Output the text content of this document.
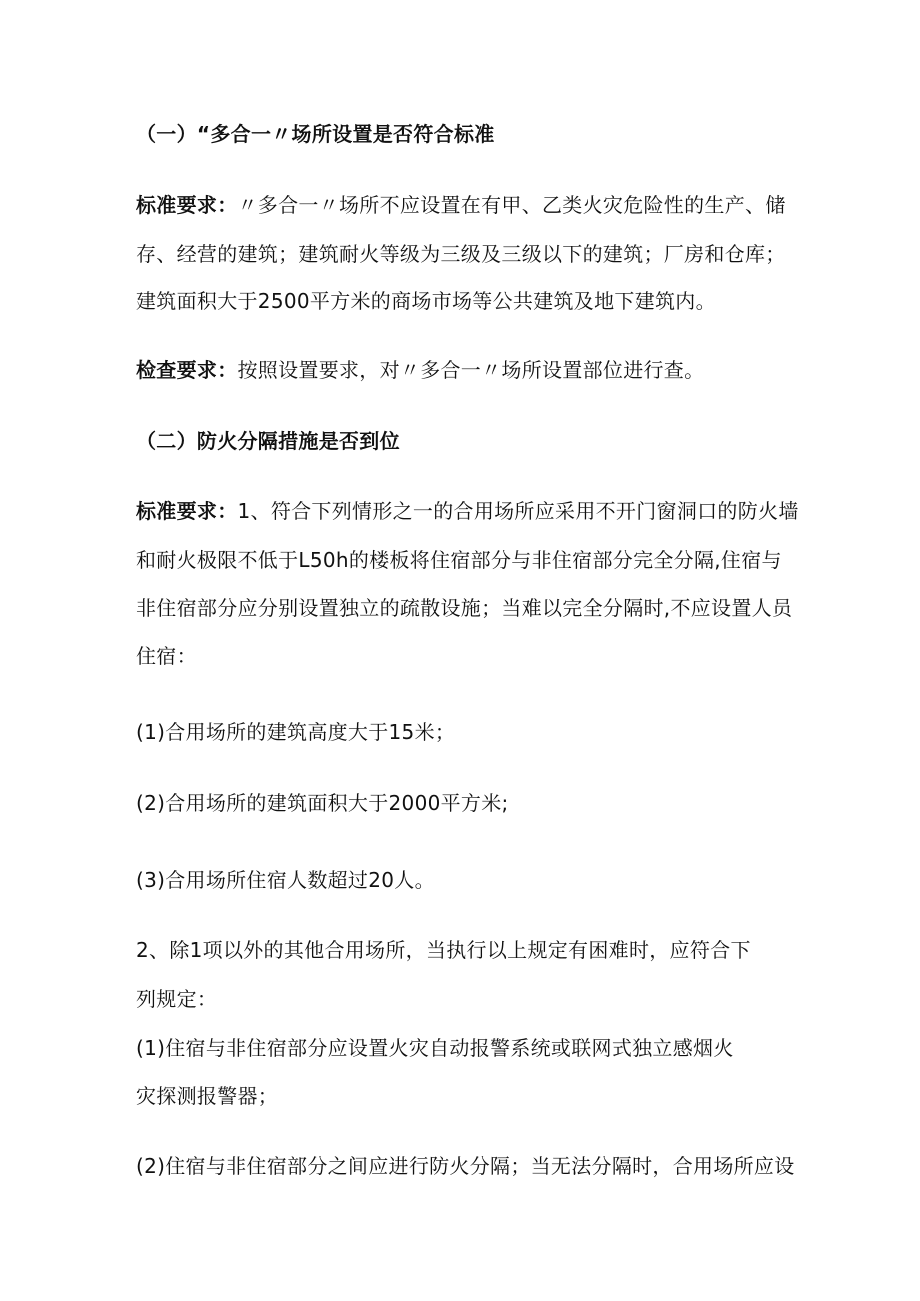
（一）“多合一〃场所设置是否符合标准
标准要求：〃多合一〃场所不应设置在有甲、乙类火灾危险性的生产、储
存、经营的建筑；建筑耐火等级为三级及三级以下的建筑；厂房和仓库；
建筑面积大于2500平方米的商场市场等公共建筑及地下建筑内。
检查要求：按照设置要求，对〃多合一〃场所设置部位进行查。
（二）防火分隔措施是否到位
标准要求：1、符合下列情形之一的合用场所应采用不开门窗洞口的防火墙
和耐火极限不低于L50h的楼板将住宿部分与非住宿部分完全分隔,住宿与
非住宿部分应分别设置独立的疏散设施；当难以完全分隔时,不应设置人员
住宿：
(1)合用场所的建筑高度大于15米；
(2)合用场所的建筑面积大于2000平方米;
(3)合用场所住宿人数超过20人。
2、除1项以外的其他合用场所，当执行以上规定有困难时，应符合下
列规定：
(1)住宿与非住宿部分应设置火灾自动报警系统或联网式独立感烟火
灾探测报警器；
(2)住宿与非住宿部分之间应进行防火分隔；当无法分隔时，合用场所应设
